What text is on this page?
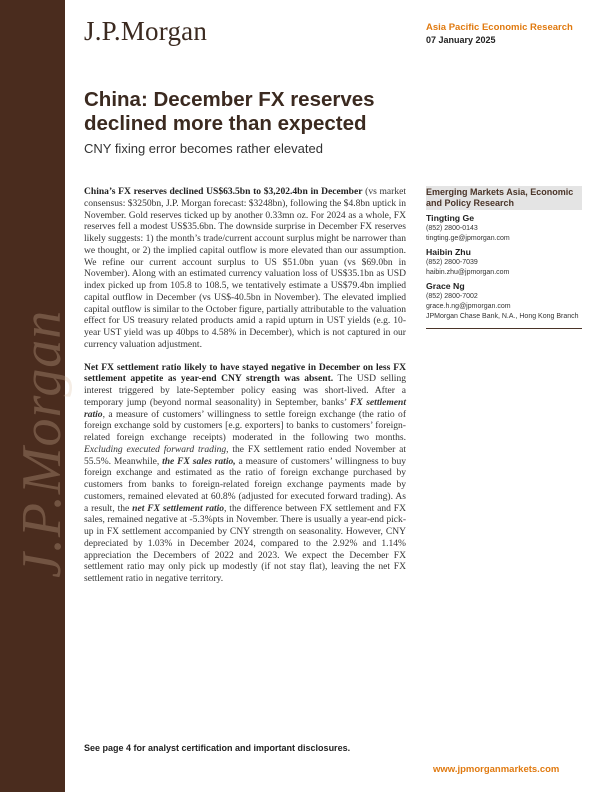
J.P.Morgan
J.P.Morgan	Asia Pacific Economic Research
07 January 2025
China: December FX reserves declined more than expected
CNY fixing error becomes rather elevated

China’s FX reserves declined US$63.5bn to $3,202.4bn in December (vs market consensus: $3250bn, J.P. Morgan forecast: $3248bn), following the $4.8bn uptick in November. Gold reserves ticked up by another 0.33mn oz. For 2024 as a whole, FX reserves fell a modest US$35.6bn. The downside surprise in December FX reserves likely suggests: 1) the month’s trade/current account surplus might be narrower than we thought, or 2) the implied capital outflow is more elevated than our assumption. We refine our current account surplus to US $51.0bn yuan (vs $69.0bn in November). Along with an estimated currency valuation loss of US$35.1bn as USD index picked up from 105.8 to 108.5, we tentatively estimate a US$79.4bn implied capital outflow in December (vs US$-40.5bn in November). The elevated implied capital outflow is similar to the October figure, partially attributable to the valuation effect for US treasury related products amid a rapid upturn in UST yields (e.g. 10-year UST yield was up 40bps to 4.58% in December), which is not captured in our currency valuation adjustment.

Net FX settlement ratio likely to have stayed negative in December on less FX settlement appetite as year-end CNY strength was absent. The USD selling interest triggered by late-September policy easing was short-lived. After a temporary jump (beyond normal seasonality) in September, banks’ FX settlement ratio, a measure of customers’ willingness to settle foreign exchange (the ratio of foreign exchange sold by customers [e.g. exporters] to banks to customers’ foreign-related foreign exchange receipts) moderated in the following two months. Excluding executed forward trading, the FX settlement ratio ended November at 55.5%. Meanwhile, the FX sales ratio, a measure of customers’ willingness to buy foreign exchange and estimated as the ratio of foreign exchange purchased by customers from banks to foreign-related foreign exchange payments made by customers, remained elevated at 60.8% (adjusted for executed forward trading). As a result, the net FX settlement ratio, the difference between FX settlement and FX sales, remained negative at -5.3%pts in November. There is usually a year-end pick-up in FX settlement accompanied by CNY strength on seasonality. However, CNY depreciated by 1.03% in December 2024, compared to the 2.92% and 1.14% appreciation the Decembers of 2022 and 2023. We expect the December FX settlement ratio may only pick up modestly (if not stay flat), leaving the net FX settlement ratio in negative territory.

Emerging Markets Asia, Economic and Policy Research
Tingting Ge
(852) 2800-0143
tingting.ge@jpmorgan.com
Haibin Zhu
(852) 2800-7039
haibin.zhu@jpmorgan.com
Grace Ng
(852) 2800-7002
grace.h.ng@jpmorgan.com
JPMorgan Chase Bank, N.A., Hong Kong Branch
See page 4 for analyst certification and important disclosures.
www.jpmorganmarkets.com
